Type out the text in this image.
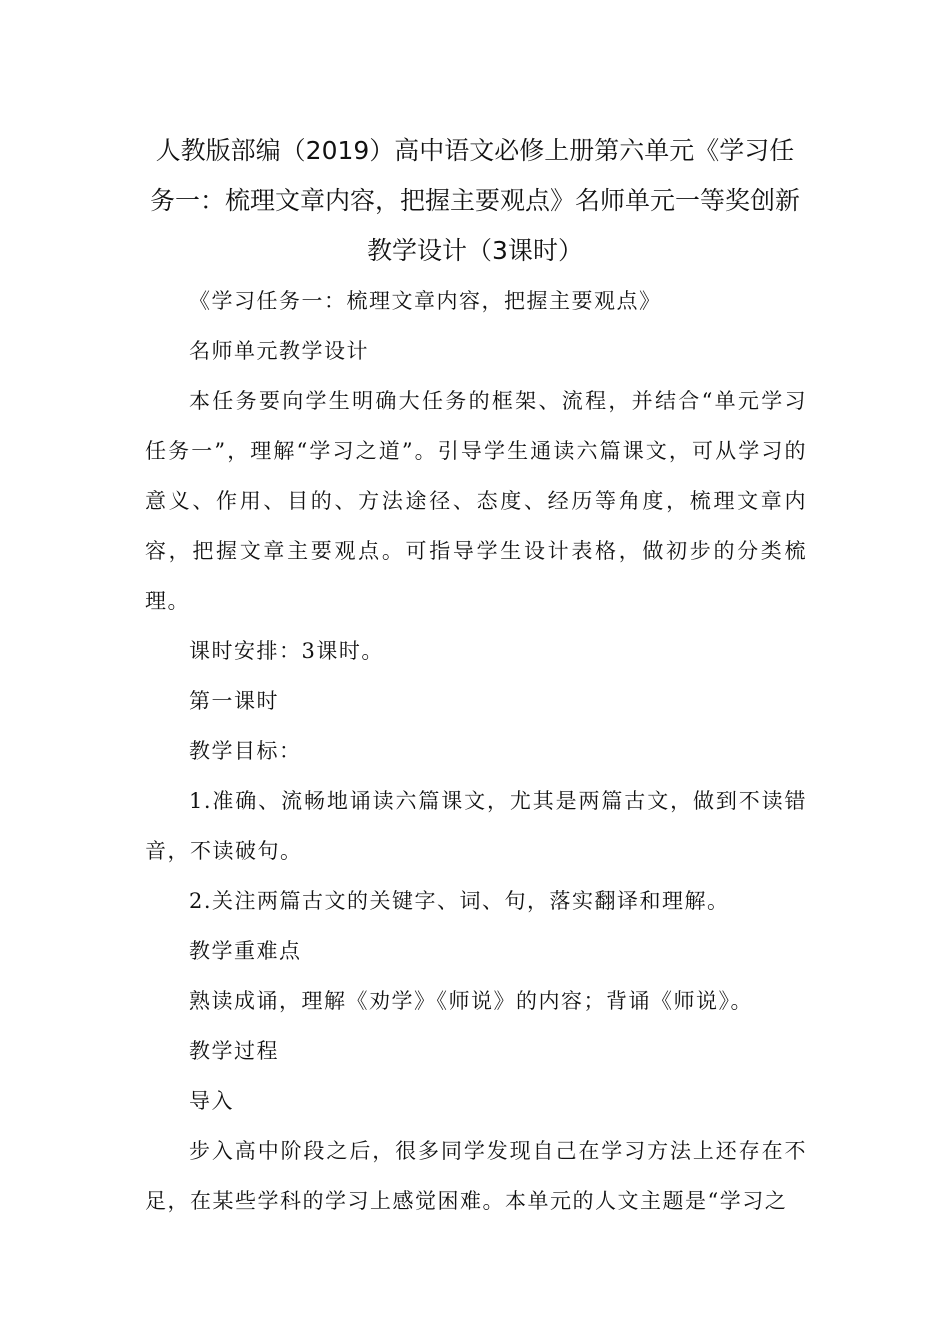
人教版部编（2019）高中语文必修上册第六单元《学习任务一：梳理文章内容，把握主要观点》名师单元一等奖创新教学设计（3课时）

《学习任务一：梳理文章内容，把握主要观点》

名师单元教学设计

本任务要向学生明确大任务的框架、流程，并结合“单元学习任务一”，理解“学习之道”。引导学生通读六篇课文，可从学习的意义、作用、目的、方法途径、态度、经历等角度，梳理文章内容，把握文章主要观点。可指导学生设计表格，做初步的分类梳理。

课时安排：3课时。

第一课时

教学目标：

1.准确、流畅地诵读六篇课文，尤其是两篇古文，做到不读错音，不读破句。

2.关注两篇古文的关键字、词、句，落实翻译和理解。

教学重难点

熟读成诵，理解《劝学》《师说》的内容；背诵《师说》。

教学过程

导入

步入高中阶段之后，很多同学发现自己在学习方法上还存在不足，在某些学科的学习上感觉困难。本单元的人文主题是“学习之
